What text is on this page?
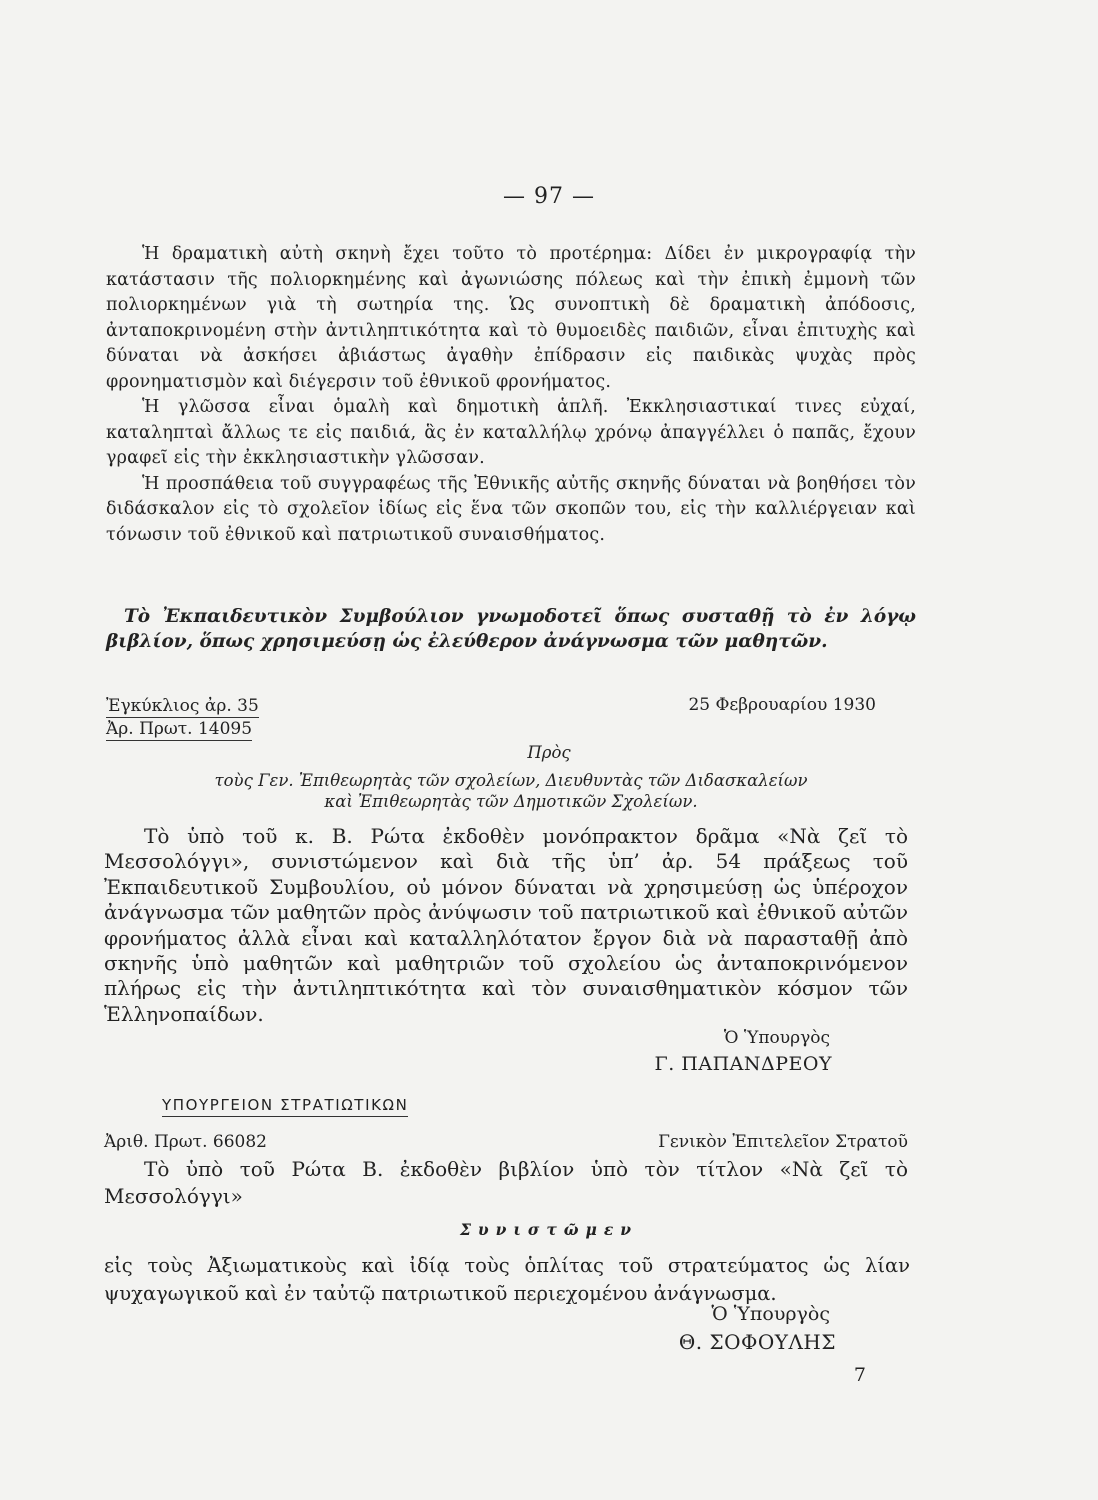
— 97 —

Ἡ δραματικὴ αὐτὴ σκηνὴ ἔχει τοῦτο τὸ προτέρημα: Δίδει ἐν μικρογραφίᾳ τὴν κατάστασιν τῆς πολιορκημένης καὶ ἀγωνιώσης πόλεως καὶ τὴν ἐπικὴ ἐμμονὴ τῶν πολιορκημένων γιὰ τὴ σωτηρία της. Ὡς συνοπτικὴ δὲ δραματικὴ ἀπόδοσις, ἀνταποκρινομένη στὴν ἀντιληπτικότητα καὶ τὸ θυμοειδὲς παιδιῶν, εἶναι ἐπιτυχὴς καὶ δύναται νὰ ἀσκήσει ἀβιάστως ἀγαθὴν ἐπίδρασιν εἰς παιδικὰς ψυχὰς πρὸς φρονηματισμὸν καὶ διέγερσιν τοῦ ἐθνικοῦ φρονήματος.

Ἡ γλῶσσα εἶναι ὁμαλὴ καὶ δημοτικὴ ἁπλῆ. Ἐκκλησιαστικαί τινες εὐχαί, καταληπταὶ ἄλλως τε εἰς παιδιά, ἃς ἐν καταλλήλῳ χρόνῳ ἀπαγγέλλει ὁ παπᾶς, ἔχουν γραφεῖ εἰς τὴν ἐκκλησιαστικὴν γλῶσσαν.

Ἡ προσπάθεια τοῦ συγγραφέως τῆς Ἐθνικῆς αὐτῆς σκηνῆς δύναται νὰ βοηθήσει τὸν διδάσκαλον εἰς τὸ σχολεῖον ἰδίως εἰς ἕνα τῶν σκοπῶν του, εἰς τὴν καλλιέργειαν καὶ τόνωσιν τοῦ ἐθνικοῦ καὶ πατριωτικοῦ συναισθήματος.

Τὸ Ἐκπαιδευτικὸν Συμβούλιον γνωμοδοτεῖ ὅπως συσταθῇ τὸ ἐν λόγῳ βιβλίον, ὅπως χρησιμεύσῃ ὡς ἐλεύθερον ἀνάγνωσμα τῶν μαθητῶν.
Ἐγκύκλιος ἀρ. 35
Ἀρ. Πρωτ. 14095
25 Φεβρουαρίου 1930
Πρὸς
τοὺς Γεν. Ἐπιθεωρητὰς τῶν σχολείων, Διευθυντὰς τῶν Διδασκαλείων
καὶ Ἐπιθεωρητὰς τῶν Δημοτικῶν Σχολείων.

Τὸ ὑπὸ τοῦ κ. Β. Ρώτα ἐκδοθὲν μονόπρακτον δρᾶμα «Νὰ ζεῖ τὸ Μεσσολόγγι», συνιστώμενον καὶ διὰ τῆς ὑπ’ ἀρ. 54 πράξεως τοῦ Ἐκπαιδευτικοῦ Συμβουλίου, οὐ μόνον δύναται νὰ χρησιμεύσῃ ὡς ὑπέροχον ἀνάγνωσμα τῶν μαθητῶν πρὸς ἀνύψωσιν τοῦ πατριωτικοῦ καὶ ἐθνικοῦ αὐτῶν φρονήματος ἀλλὰ εἶναι καὶ καταλληλότατον ἔργον διὰ νὰ παρασταθῇ ἀπὸ σκηνῆς ὑπὸ μαθητῶν καὶ μαθητριῶν τοῦ σχολείου ὡς ἀνταποκρινόμενον πλήρως εἰς τὴν ἀντιληπτικότητα καὶ τὸν συναισθηματικὸν κόσμον τῶν Ἑλληνοπαίδων.

Ὁ Ὑπουργὸς
Γ. ΠΑΠΑΝΔΡΕΟΥ
ΥΠΟΥΡΓΕΙΟΝ ΣΤΡΑΤΙΩΤΙΚΩΝ
Ἀριθ. Πρωτ. 66082	Γενικὸν Ἐπιτελεῖον Στρατοῦ

Τὸ ὑπὸ τοῦ Ρώτα Β. ἐκδοθὲν βιβλίον ὑπὸ τὸν τίτλον «Νὰ ζεῖ τὸ Μεσσολόγγι»

Συνιστῶμεν

εἰς τοὺς Ἀξιωματικοὺς καὶ ἰδίᾳ τοὺς ὁπλίτας τοῦ στρατεύματος ὡς λίαν ψυχαγωγικοῦ καὶ ἐν ταὐτῷ πατριωτικοῦ περιεχομένου ἀνάγνωσμα.

Ὁ Ὑπουργὸς
Θ. ΣΟΦΟΥΛΗΣ
7
